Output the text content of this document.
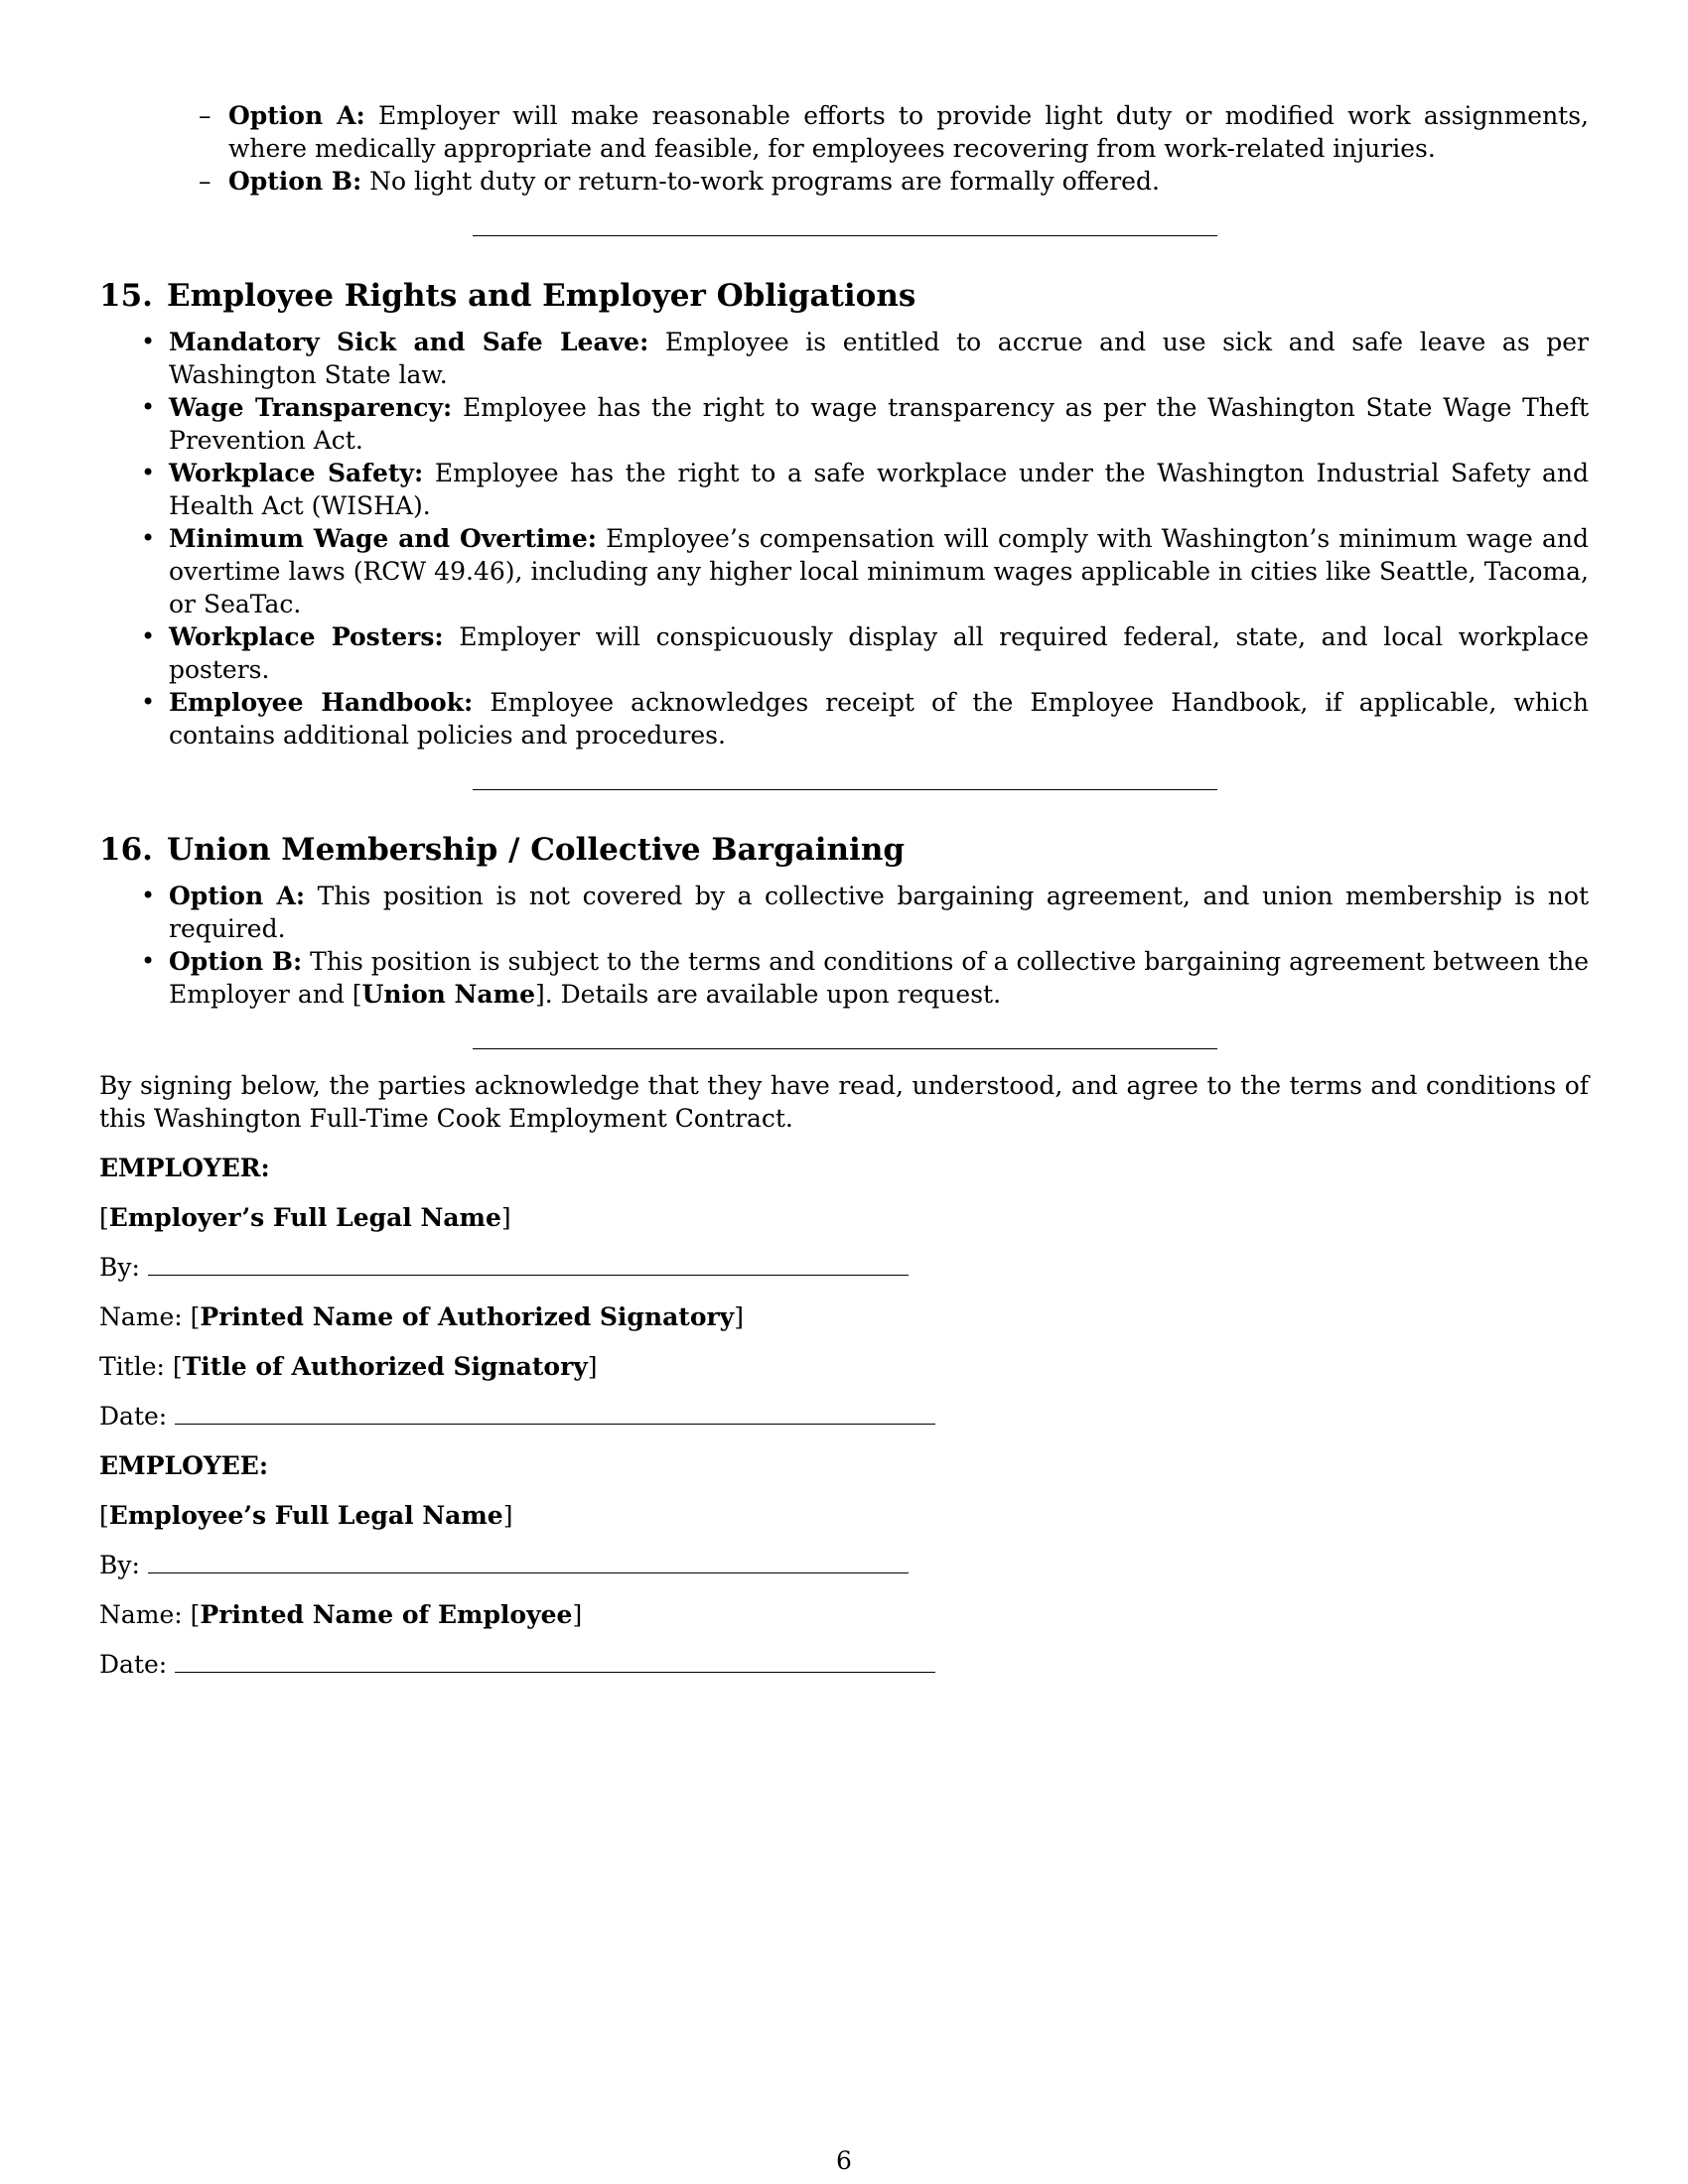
– Option A: Employer will make reasonable efforts to provide light duty or modified work assignments, where medically appropriate and feasible, for employees recovering from work-related injuries.
– Option B: No light duty or return-to-work programs are formally offered.
15. Employee Rights and Employer Obligations
• Mandatory Sick and Safe Leave: Employee is entitled to accrue and use sick and safe leave as per Washington State law.
• Wage Transparency: Employee has the right to wage transparency as per the Washington State Wage Theft Prevention Act.
• Workplace Safety: Employee has the right to a safe workplace under the Washington Industrial Safety and Health Act (WISHA).
• Minimum Wage and Overtime: Employee’s compensation will comply with Washington’s minimum wage and overtime laws (RCW 49.46), including any higher local minimum wages applicable in cities like Seattle, Tacoma, or SeaTac.
• Workplace Posters: Employer will conspicuously display all required federal, state, and local workplace posters.
• Employee Handbook: Employee acknowledges receipt of the Employee Handbook, if applicable, which contains additional policies and procedures.
16. Union Membership / Collective Bargaining
• Option A: This position is not covered by a collective bargaining agreement, and union membership is not required.
• Option B: This position is subject to the terms and conditions of a collective bargaining agreement between the Employer and [Union Name]. Details are available upon request.

By signing below, the parties acknowledge that they have read, understood, and agree to the terms and conditions of this Washington Full-Time Cook Employment Contract.

EMPLOYER:

[Employer’s Full Legal Name]

By:

Name: [Printed Name of Authorized Signatory]

Title: [Title of Authorized Signatory]

Date:

EMPLOYEE:

[Employee’s Full Legal Name]

By:

Name: [Printed Name of Employee]

Date:

6
